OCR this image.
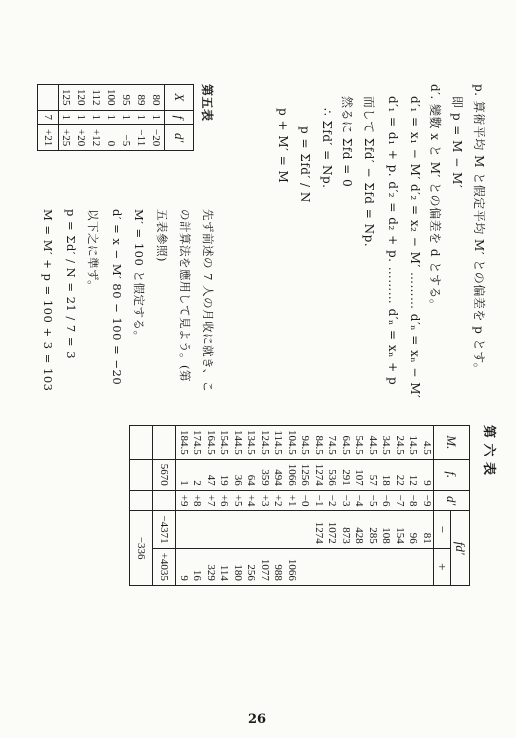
p. 算術平均 M と假定平均 M′ との偏差を p とす。
即 p = M − M′
d′. 變數 x と M′ との偏差を d とする。
d′₁ = x₁ − M′ d′₂ = x₂ − M′ ……… d′ₙ = xₙ − M′
d′₁ = d₁ + p. d′₂ = d₂ + p. ……… d′ₙ = xₙ + p
而して Σfd′ − Σfd = Np.
然るに Σfd = 0
∴ Σfd′ = Np.
p = Σfd′ / N
p + M′ = M
先ず前述の 7 人の月收に就き、こ
の計算法を應用して見よう。(第
五表參照)
M′ = 100 と假定する。
d′ = x − M′ 80 − 100 = −20
以下之に準ず。
p = Σd′ / N = 21 / 7 = 3
M = M′ + p = 100 + 3 = 103
第五表
X	f	d′
80	1	−20
89	1	−11
95	1	−5
100	1	0
112	1	+12
120	1	+20
125	1	+25
	7	+21
第 六 表
M.	f.	d′	fd′	
			−	+
4.5	9	−9	81	
14.5	12	−8	96	
24.5	22	−7	154	
34.5	18	−6	108	
44.5	57	−5	285	
54.5	107	−4	428	
64.5	291	−3	873	
74.5	536	−2	1072	
84.5	1274	−1	1274	
94.5	1256	−0		
104.5	1066	+1		1066
114.5	494	+2		988
124.5	359	+3		1077
134.5	64	+4		256
144.5	36	+5		180
154.5	19	+6		114
164.5	47	+7		329
174.5	2	+8		16
184.5	1	+9		9
	5670		−4371	+4035
			−336	
26
